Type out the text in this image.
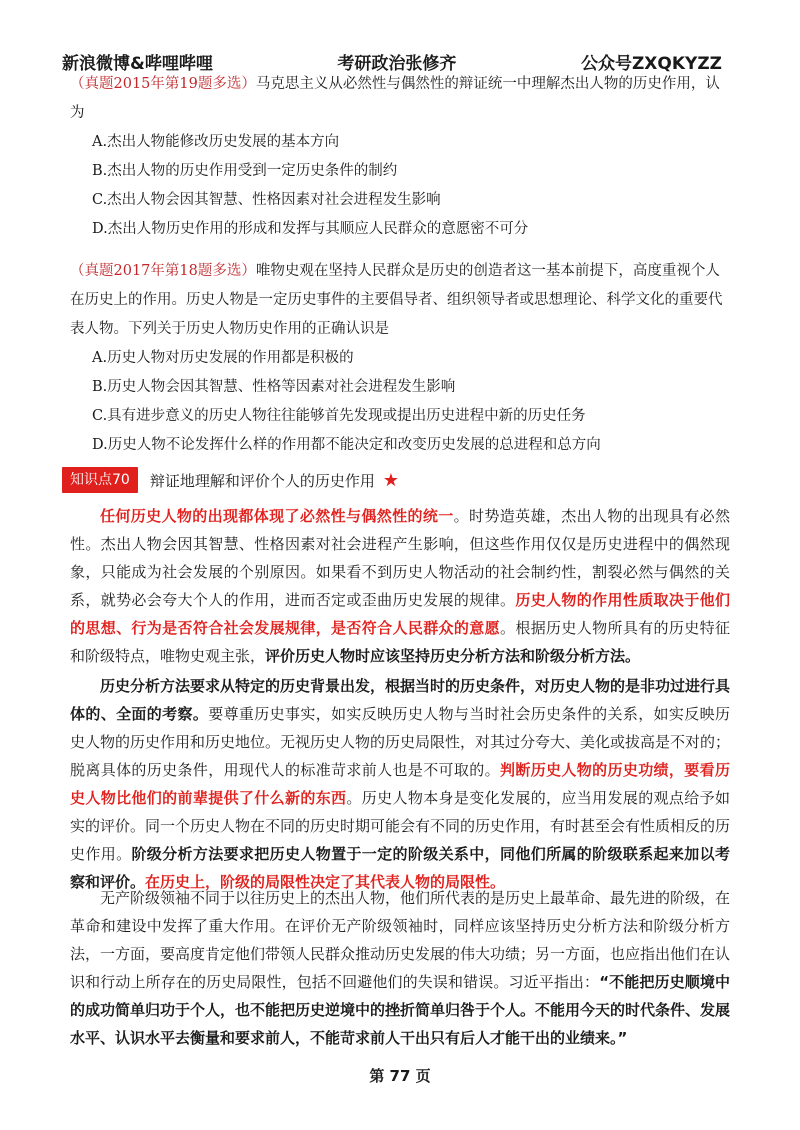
新浪微博&哔哩哔哩	考研政治张修齐	公众号ZXQKYZZ

（真题2015年第19题多选）马克思主义从必然性与偶然性的辩证统一中理解杰出人物的历史作用，认为

A.杰出人物能修改历史发展的基本方向

B.杰出人物的历史作用受到一定历史条件的制约

C.杰出人物会因其智慧、性格因素对社会进程发生影响

D.杰出人物历史作用的形成和发挥与其顺应人民群众的意愿密不可分

（真题2017年第18题多选）唯物史观在坚持人民群众是历史的创造者这一基本前提下，高度重视个人在历史上的作用。历史人物是一定历史事件的主要倡导者、组织领导者或思想理论、科学文化的重要代表人物。下列关于历史人物历史作用的正确认识是

A.历史人物对历史发展的作用都是积极的

B.历史人物会因其智慧、性格等因素对社会进程发生影响

C.具有进步意义的历史人物往往能够首先发现或提出历史进程中新的历史任务

D.历史人物不论发挥什么样的作用都不能决定和改变历史发展的总进程和总方向

知识点70	辩证地理解和评价个人的历史作用 ★

任何历史人物的出现都体现了必然性与偶然性的统一。时势造英雄，杰出人物的出现具有必然性。杰出人物会因其智慧、性格因素对社会进程产生影响，但这些作用仅仅是历史进程中的偶然现象，只能成为社会发展的个别原因。如果看不到历史人物活动的社会制约性，割裂必然与偶然的关系，就势必会夸大个人的作用，进而否定或歪曲历史发展的规律。历史人物的作用性质取决于他们的思想、行为是否符合社会发展规律，是否符合人民群众的意愿。根据历史人物所具有的历史特征和阶级特点，唯物史观主张，评价历史人物时应该坚持历史分析方法和阶级分析方法。

历史分析方法要求从特定的历史背景出发，根据当时的历史条件，对历史人物的是非功过进行具体的、全面的考察。要尊重历史事实，如实反映历史人物与当时社会历史条件的关系，如实反映历史人物的历史作用和历史地位。无视历史人物的历史局限性，对其过分夸大、美化或拔高是不对的；脱离具体的历史条件，用现代人的标准苛求前人也是不可取的。判断历史人物的历史功绩，要看历史人物比他们的前辈提供了什么新的东西。历史人物本身是变化发展的，应当用发展的观点给予如实的评价。同一个历史人物在不同的历史时期可能会有不同的历史作用，有时甚至会有性质相反的历史作用。阶级分析方法要求把历史人物置于一定的阶级关系中，同他们所属的阶级联系起来加以考察和评价。在历史上，阶级的局限性决定了其代表人物的局限性。

无产阶级领袖不同于以往历史上的杰出人物，他们所代表的是历史上最革命、最先进的阶级，在革命和建设中发挥了重大作用。在评价无产阶级领袖时，同样应该坚持历史分析方法和阶级分析方法，一方面，要高度肯定他们带领人民群众推动历史发展的伟大功绩；另一方面，也应指出他们在认识和行动上所存在的历史局限性，包括不回避他们的失误和错误。习近平指出：“不能把历史顺境中的成功简单归功于个人，也不能把历史逆境中的挫折简单归咎于个人。不能用今天的时代条件、发展水平、认识水平去衡量和要求前人，不能苛求前人干出只有后人才能干出的业绩来。”

第 77 页
